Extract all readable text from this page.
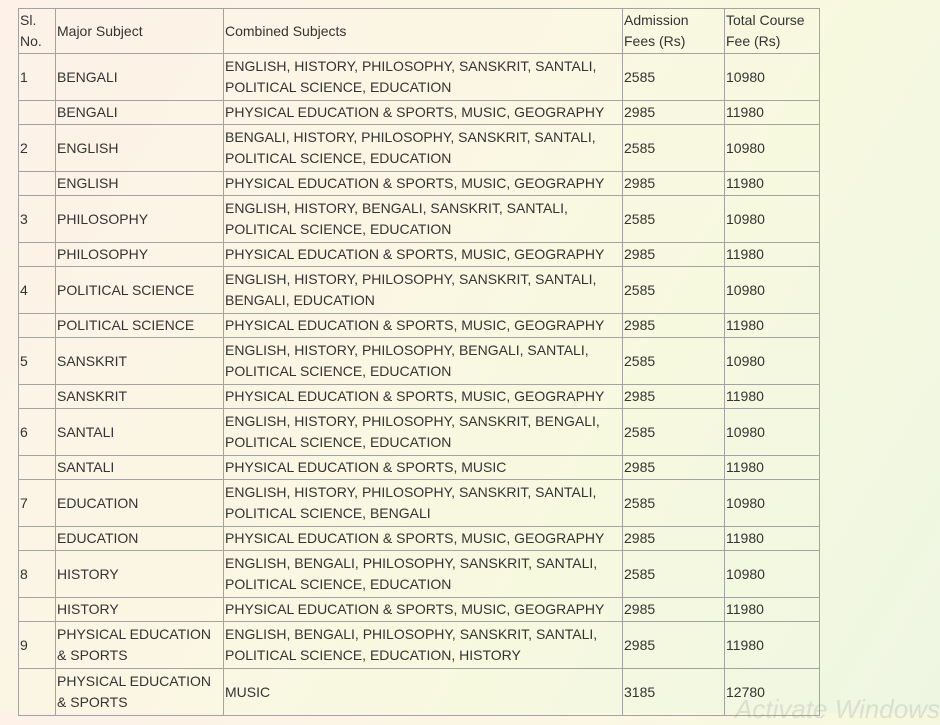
Sl. No.	Major Subject	Combined Subjects	Admission Fees (Rs)	Total Course Fee (Rs)
1	BENGALI	ENGLISH, HISTORY, PHILOSOPHY, SANSKRIT, SANTALI, POLITICAL SCIENCE, EDUCATION	2585	10980
	BENGALI	PHYSICAL EDUCATION & SPORTS, MUSIC, GEOGRAPHY	2985	11980
2	ENGLISH	BENGALI, HISTORY, PHILOSOPHY, SANSKRIT, SANTALI, POLITICAL SCIENCE, EDUCATION	2585	10980
	ENGLISH	PHYSICAL EDUCATION & SPORTS, MUSIC, GEOGRAPHY	2985	11980
3	PHILOSOPHY	ENGLISH, HISTORY, BENGALI, SANSKRIT, SANTALI, POLITICAL SCIENCE, EDUCATION	2585	10980
	PHILOSOPHY	PHYSICAL EDUCATION & SPORTS, MUSIC, GEOGRAPHY	2985	11980
4	POLITICAL SCIENCE	ENGLISH, HISTORY, PHILOSOPHY, SANSKRIT, SANTALI, BENGALI, EDUCATION	2585	10980
	POLITICAL SCIENCE	PHYSICAL EDUCATION & SPORTS, MUSIC, GEOGRAPHY	2985	11980
5	SANSKRIT	ENGLISH, HISTORY, PHILOSOPHY, BENGALI, SANTALI, POLITICAL SCIENCE, EDUCATION	2585	10980
	SANSKRIT	PHYSICAL EDUCATION & SPORTS, MUSIC, GEOGRAPHY	2985	11980
6	SANTALI	ENGLISH, HISTORY, PHILOSOPHY, SANSKRIT, BENGALI, POLITICAL SCIENCE, EDUCATION	2585	10980
	SANTALI	PHYSICAL EDUCATION & SPORTS, MUSIC	2985	11980
7	EDUCATION	ENGLISH, HISTORY, PHILOSOPHY, SANSKRIT, SANTALI, POLITICAL SCIENCE, BENGALI	2585	10980
	EDUCATION	PHYSICAL EDUCATION & SPORTS, MUSIC, GEOGRAPHY	2985	11980
8	HISTORY	ENGLISH, BENGALI, PHILOSOPHY, SANSKRIT, SANTALI, POLITICAL SCIENCE, EDUCATION	2585	10980
	HISTORY	PHYSICAL EDUCATION & SPORTS, MUSIC, GEOGRAPHY	2985	11980
9	PHYSICAL EDUCATION & SPORTS	ENGLISH, BENGALI, PHILOSOPHY, SANSKRIT, SANTALI, POLITICAL SCIENCE, EDUCATION, HISTORY	2985	11980
	PHYSICAL EDUCATION & SPORTS	MUSIC	3185	12780
Activate Windows
